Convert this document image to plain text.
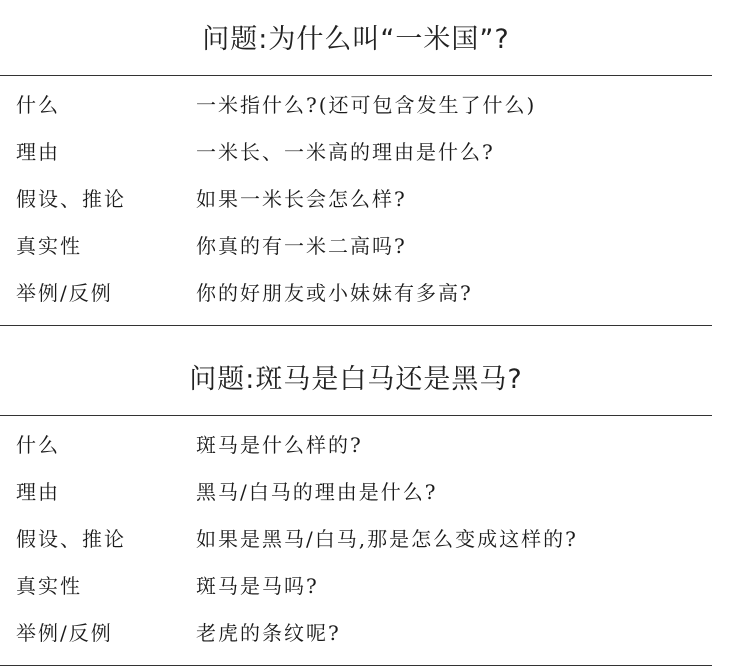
问题:为什么叫“一米国”?
什么	一米指什么?(还可包含发生了什么)
理由	一米长、一米高的理由是什么?
假设、推论	如果一米长会怎么样?
真实性	你真的有一米二高吗?
举例/反例	你的好朋友或小妹妹有多高?
问题:斑马是白马还是黑马?
什么	斑马是什么样的?
理由	黑马/白马的理由是什么?
假设、推论	如果是黑马/白马,那是怎么变成这样的?
真实性	斑马是马吗?
举例/反例	老虎的条纹呢?
